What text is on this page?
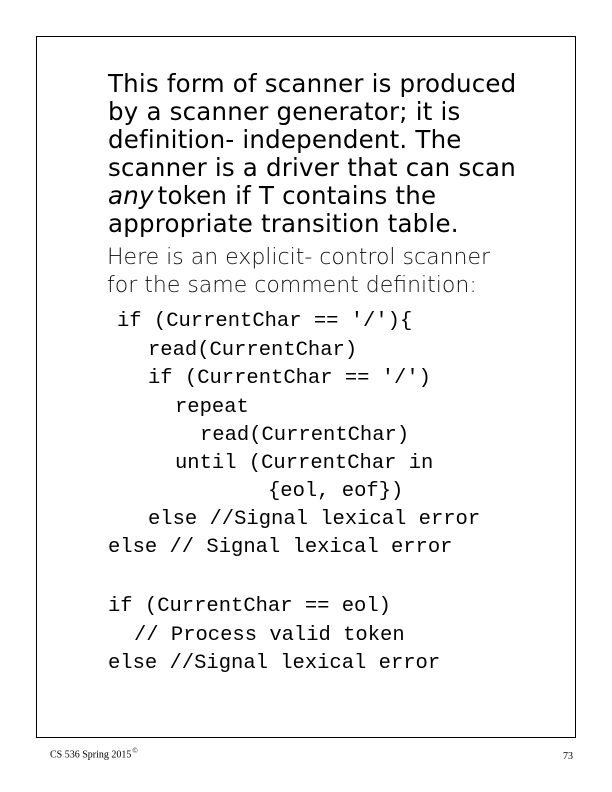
This form of scanner is produced
by a scanner generator; it is
definition- independent. The
scanner is a driver that can scan
any token if T contains the
appropriate transition table.
Here is an explicit- control scanner
for the same comment definition:
if (CurrentChar == '/'){
read(CurrentChar)
if (CurrentChar == '/')
repeat
read(CurrentChar)
until (CurrentChar in
{eol, eof})
else //Signal lexical error
else // Signal lexical error
if (CurrentChar == eol)
// Process valid token
else //Signal lexical error
CS 536 Spring 2015©	73
